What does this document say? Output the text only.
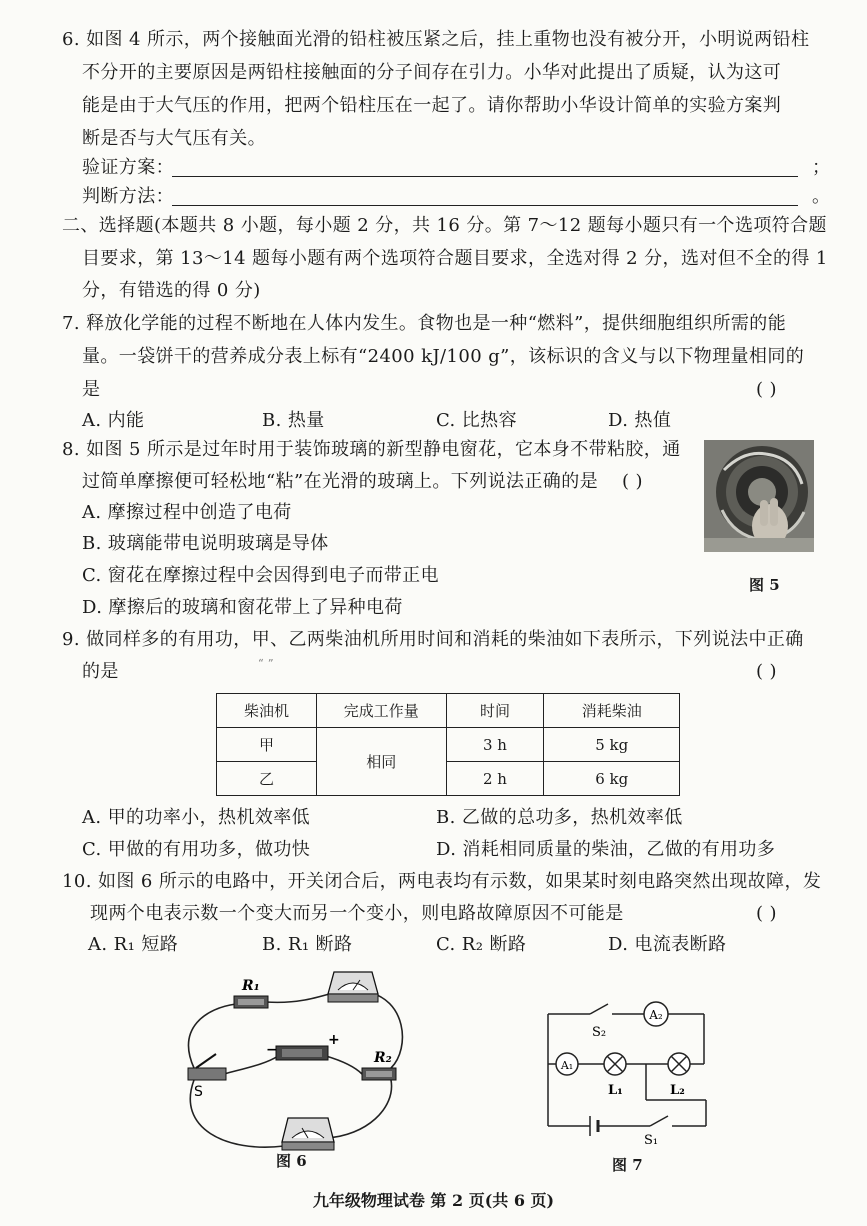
6. 如图 4 所示，两个接触面光滑的铅柱被压紧之后，挂上重物也没有被分开，小明说两铅柱
不分开的主要原因是两铅柱接触面的分子间存在引力。小华对此提出了质疑，认为这可
能是由于大气压的作用，把两个铅柱压在一起了。请你帮助小华设计简单的实验方案判
断是否与大气压有关。
验证方案：	；
判断方法：	。
二、选择题(本题共 8 小题，每小题 2 分，共 16 分。第 7～12 题每小题只有一个选项符合题
目要求，第 13～14 题每小题有两个选项符合题目要求，全选对得 2 分，选对但不全的得 1
分，有错选的得 0 分)
7. 释放化学能的过程不断地在人体内发生。食物也是一种“燃料”，提供细胞组织所需的能
量。一袋饼干的营养成分表上标有“2400 kJ/100 g”，该标识的含义与以下物理量相同的
是	( )
A. 内能	B. 热量	C. 比热容	D. 热值
8. 如图 5 所示是过年时用于装饰玻璃的新型静电窗花，它本身不带粘胶，通
过简单摩擦便可轻松地“粘”在光滑的玻璃上。下列说法正确的是 ( )
A. 摩擦过程中创造了电荷
B. 玻璃能带电说明玻璃是导体
C. 窗花在摩擦过程中会因得到电子而带正电
D. 摩擦后的玻璃和窗花带上了异种电荷
图 5
9. 做同样多的有用功，甲、乙两柴油机所用时间和消耗的柴油如下表所示，下列说法中正确
的是	“ ”	( )
柴油机	完成工作量	时间	消耗柴油
甲	相同	3 h	5 kg
乙		2 h	6 kg
A. 甲的功率小，热机效率低	B. 乙做的总功多，热机效率低
C. 甲做的有用功多，做功快	D. 消耗相同质量的柴油，乙做的有用功多
10. 如图 6 所示的电路中，开关闭合后，两电表均有示数，如果某时刻电路突然出现故障，发
现两个电表示数一个变大而另一个变小，则电路故障原因不可能是	( )
A. R₁ 短路	B. R₁ 断路	C. R₂ 断路	D. 电流表断路
R₁
R₂
S
−
+
图 6
A₂
A₁
S₂
L₁	L₂
S₁
图 7
九年级物理试卷 第 2 页(共 6 页)
